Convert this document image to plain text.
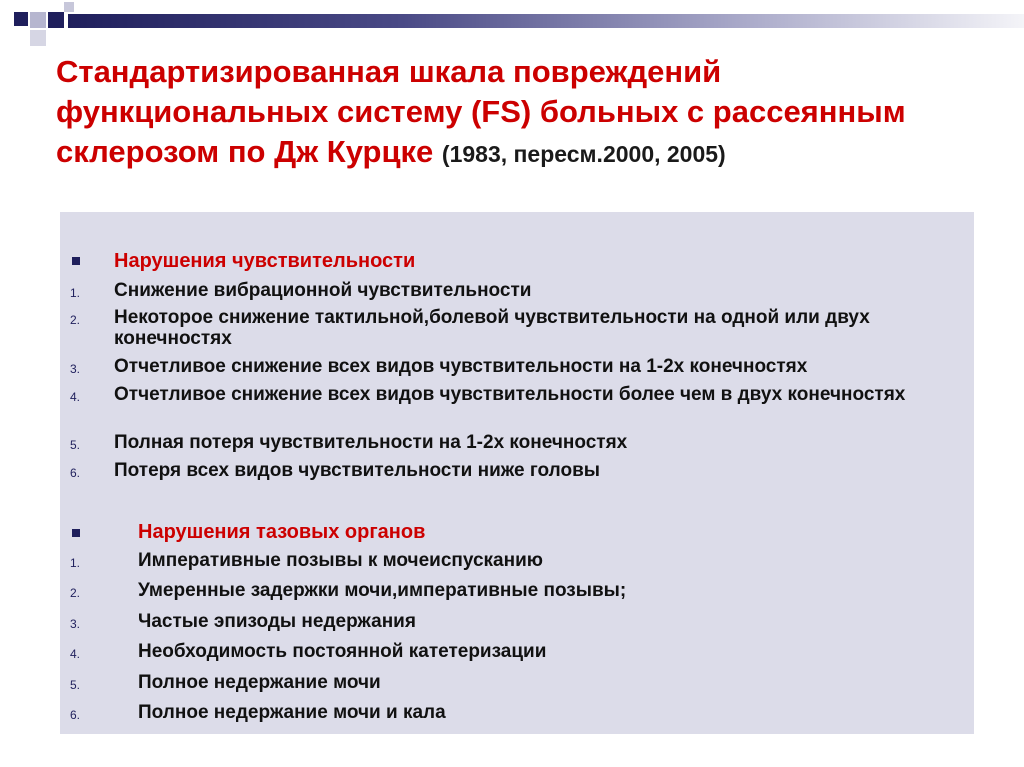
Стандартизированная шкала повреждений функциональных систему (FS) больных с рассеянным склерозом по Дж Курцке (1983, пересм.2000, 2005)

Нарушения чувствительности

1.	Снижение вибрационной чувствительности
2.	Некоторое снижение тактильной,болевой чувствительности на одной или двух конечностях
3.	Отчетливое снижение всех видов чувствительности на 1-2х конечностях
4.	Отчетливое снижение всех видов чувствительности более чем в двух конечностях
5.	Полная потеря чувствительности на 1-2х конечностях
6.	Потеря всех видов чувствительности ниже головы

Нарушения тазовых органов

1.	Императивные позывы к мочеиспусканию
2.	Умеренные задержки мочи,императивные позывы;
3.	Частые эпизоды недержания
4.	Необходимость постоянной катетеризации
5.	Полное недержание мочи
6.	Полное недержание мочи и кала
